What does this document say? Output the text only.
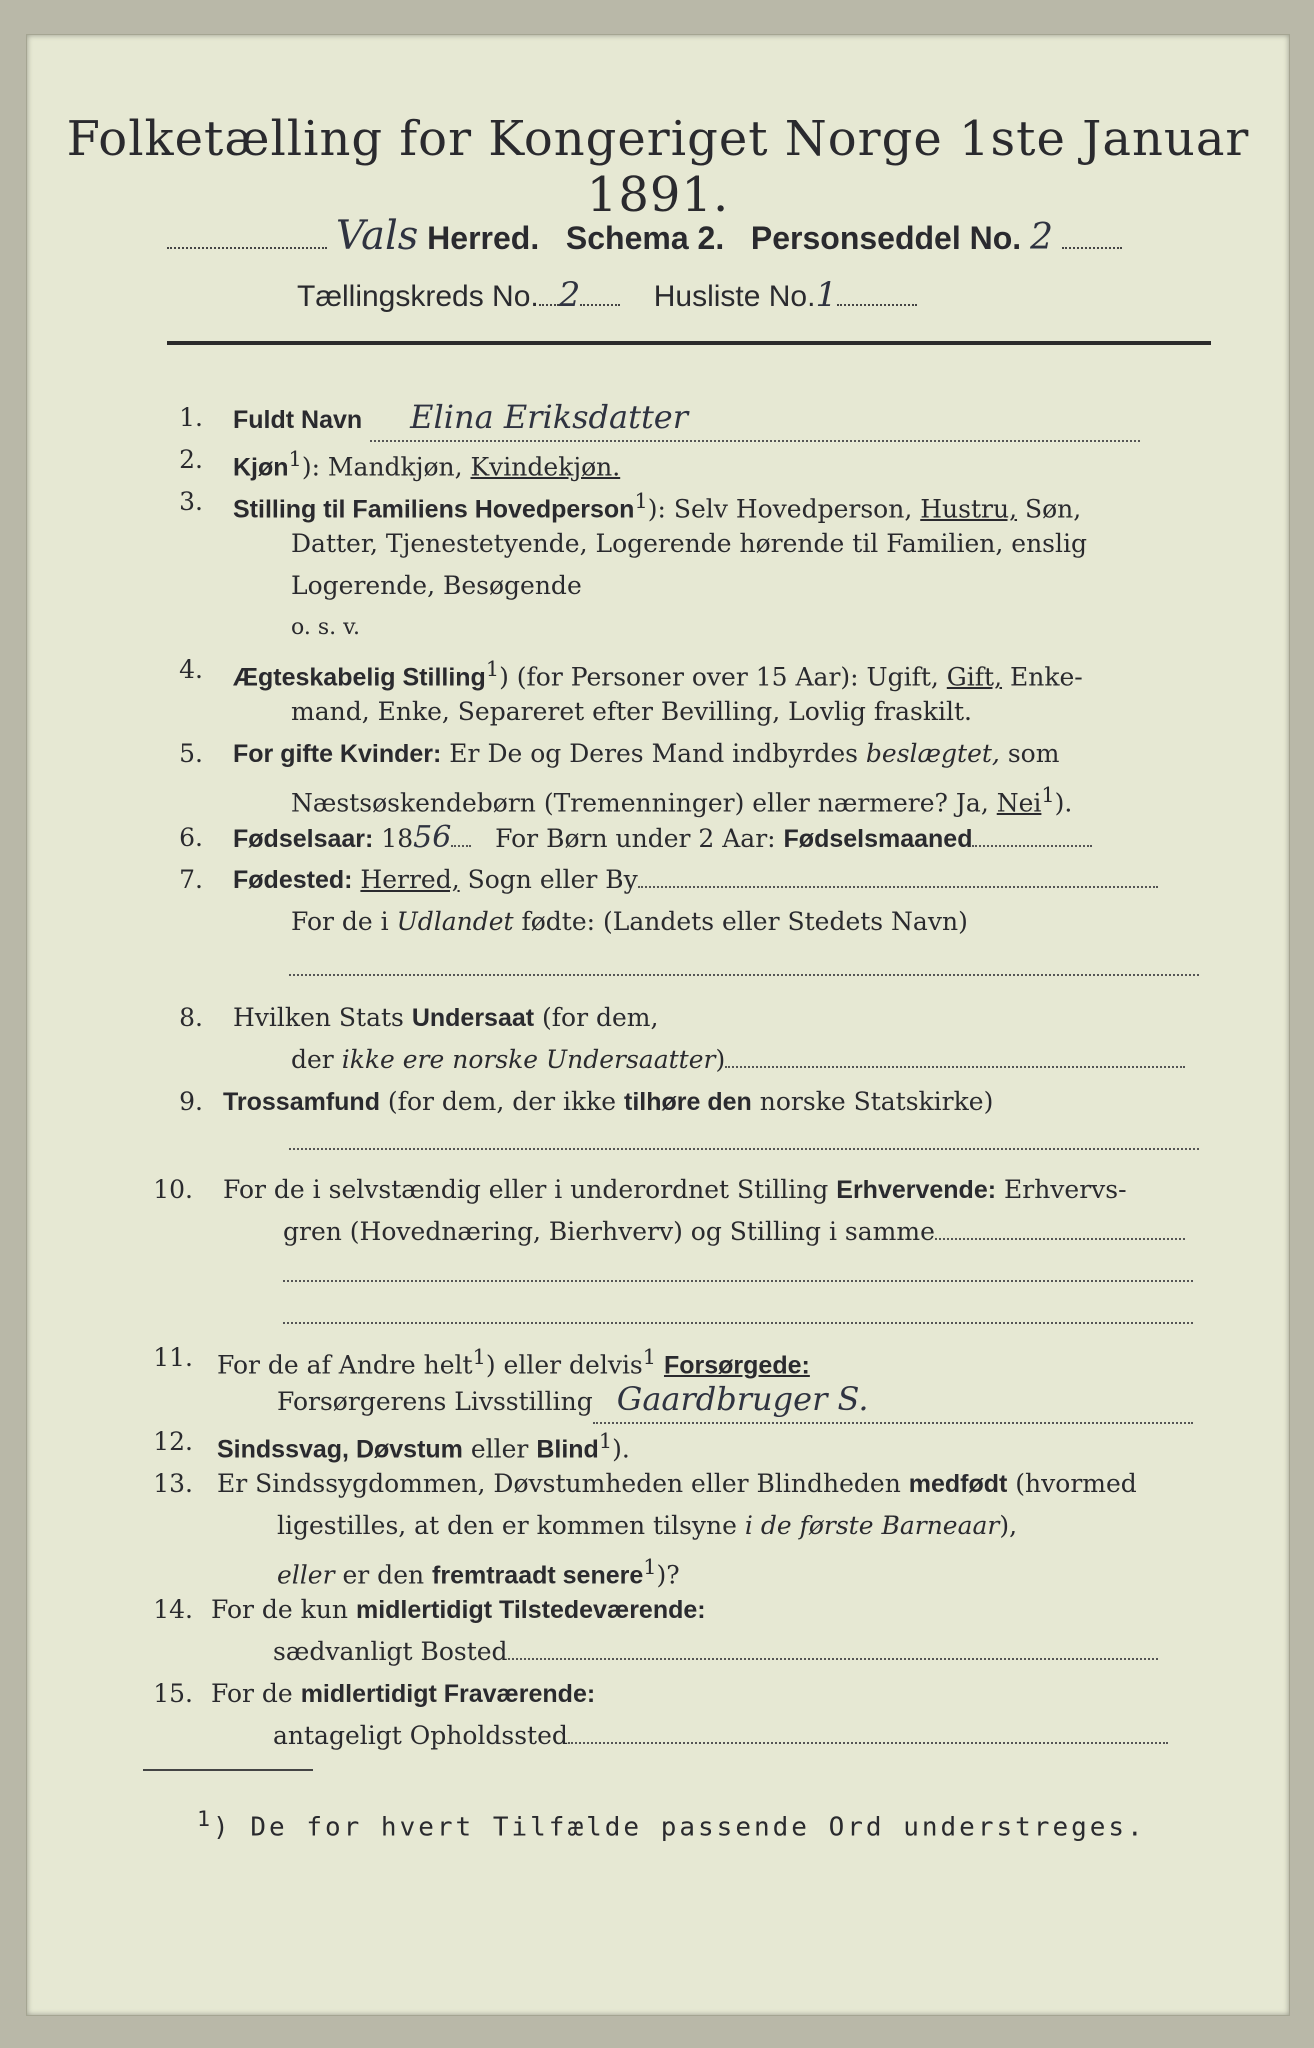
Folketælling for Kongeriget Norge 1ste Januar 1891.
Vals Herred. Schema 2. Personseddel No. 2
Tællingskreds No. 2 Husliste No.1
1. Fuldt Navn Elina Eriksdatter
2. Kjøn$^1$): Mandkjøn, Kvindekjøn.
3. Stilling til Familiens Hovedperson$^1$): Selv Hovedperson, Hustru, Søn,
Datter, Tjenestetyende, Logerende hørende til Familien, enslig
Logerende, Besøgende
o. s. v.
4. Ægteskabelig Stilling$^1$) (for Personer over 15 Aar): Ugift, Gift, Enke-
mand, Enke, Separeret efter Bevilling, Lovlig fraskilt.
5. For gifte Kvinder: Er De og Deres Mand indbyrdes beslægtet, som
Næstsøskendebørn (Tremenninger) eller nærmere? Ja, Nei$^1$).
6. Fødselsaar: 1856   For Børn under 2 Aar: Fødselsmaaned
7. Fødested: Herred, Sogn eller By
For de i Udlandet fødte: (Landets eller Stedets Navn)
8. Hvilken Stats Undersaat (for dem,
der ikke ere norske Undersaatter)
9. Trossamfund (for dem, der ikke tilhøre den norske Statskirke)
10. For de i selvstændig eller i underordnet Stilling Erhvervende: Erhvervs-
gren (Hovednæring, Bierhverv) og Stilling i samme
11. For de af Andre helt$^1$) eller delvis$^1$ Forsørgede:
Forsørgerens Livsstilling Gaardbruger S.
12. Sindssvag, Døvstum eller Blind$^1$).
13. Er Sindssygdommen, Døvstumheden eller Blindheden medfødt (hvormed
ligestilles, at den er kommen tilsyne i de første Barneaar),
eller er den fremtraadt senere$^1$)?
14. For de kun midlertidigt Tilstedeværende:
sædvanligt Bosted
15. For de midlertidigt Fraværende:
antageligt Opholdssted
$^1$) De for hvert Tilfælde passende Ord understreges.
